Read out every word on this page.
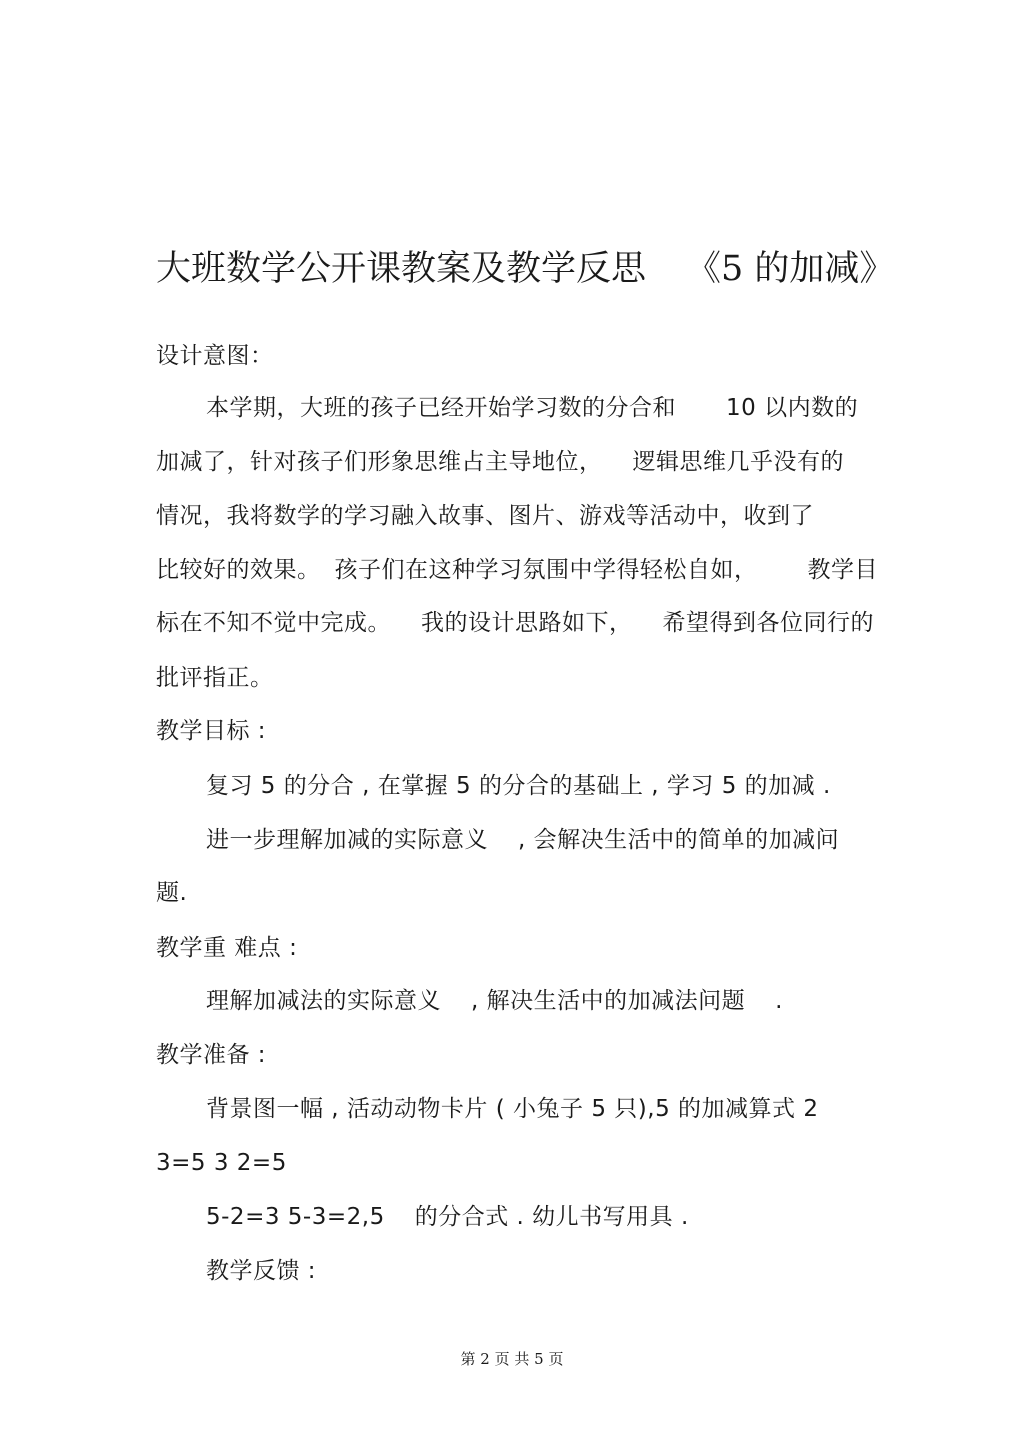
大班数学公开课教案及教学反思 《5 的加减》
设计意图：
本学期，大班的孩子已经开始学习数的分合和 10 以内数的
加减了，针对孩子们形象思维占主导地位， 逻辑思维几乎没有的
情况，我将数学的学习融入故事、图片、游戏等活动中，收到了
比较好的效果。 孩子们在这种学习氛围中学得轻松自如， 教学目
标在不知不觉中完成。 我的设计思路如下， 希望得到各位同行的
批评指正。
教学目标 :
复习 5 的分合 , 在掌握 5 的分合的基础上 , 学习 5 的加减 .
进一步理解加减的实际意义 , 会解决生活中的简单的加减问
题.
教学重 难点 :
理解加减法的实际意义 , 解决生活中的加减法问题 .
教学准备 :
背景图一幅 , 活动动物卡片 ( 小兔子 5 只),5 的加减算式 2
3=5 3 2=5
5-2=3 5-3=2,5 的分合式 . 幼儿书写用具 .
教学反馈 :
第 2 页 共 5 页
